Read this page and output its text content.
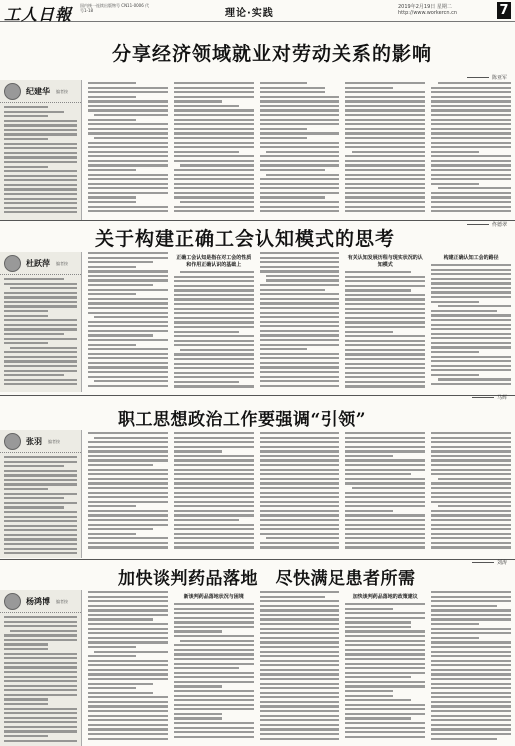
工人日報 国内统一连续出版物号 CN11-0006 代号1-18	理论·实践
2019年2月19日 星期二
http://www.workercn.cn	7
分享经济领域就业对劳动关系的影响
陈亚军
纪建华 编者按
关于构建正确工会认知模式的思考
佟德翠
杜跃萍 编者按
正确工会认知是指在对工会的性质和作用正确认识的基础上
有关认知发展历程与现实状况的认知模式
构建正确认知工会的路径
职工思想政治工作要强调“引领”
马辉
张羽 编者按
加快谈判药品落地　尽快满足患者所需
刘涛
杨鸿博 编者按
新谈判药品落地状况与困境	加快谈判药品落地的政策建议
